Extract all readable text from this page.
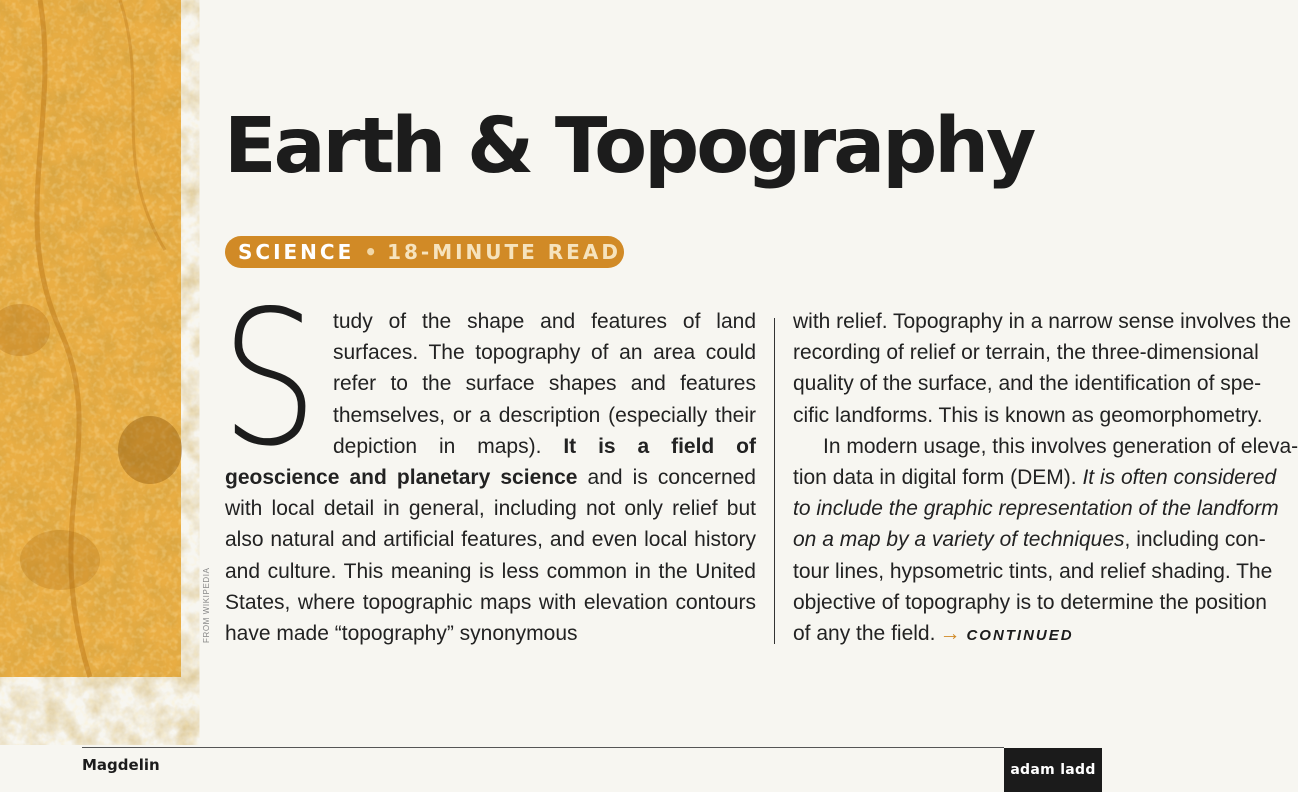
Earth & Topography
SCIENCE • 18-MINUTE READ
S tudy of the shape and features of land surfaces. The topography of an area could refer to the surface shapes and features themselves, or a description (especially their depiction in maps). It is a field of geoscience and planetary science and is concerned with local detail in general, including not only relief but also natural and artificial features, and even local history and culture. This meaning is less common in the United States, where topographic maps with elevation contours have made “topography” synonymous
with relief. Topography in a narrow sense involves the
recording of relief or terrain, the three-dimensional
quality of the surface, and the identification of spe-
cific landforms. This is known as geomorphometry.
In modern usage, this involves generation of eleva-
tion data in digital form (DEM). It is often considered
to include the graphic representation of the landform
on a map by a variety of techniques, including con-
tour lines, hypsometric tints, and relief shading. The
objective of topography is to determine the position
of any the field. → CONTINUED
FROM WIKIPEDIA
Magdelin	adam ladd
